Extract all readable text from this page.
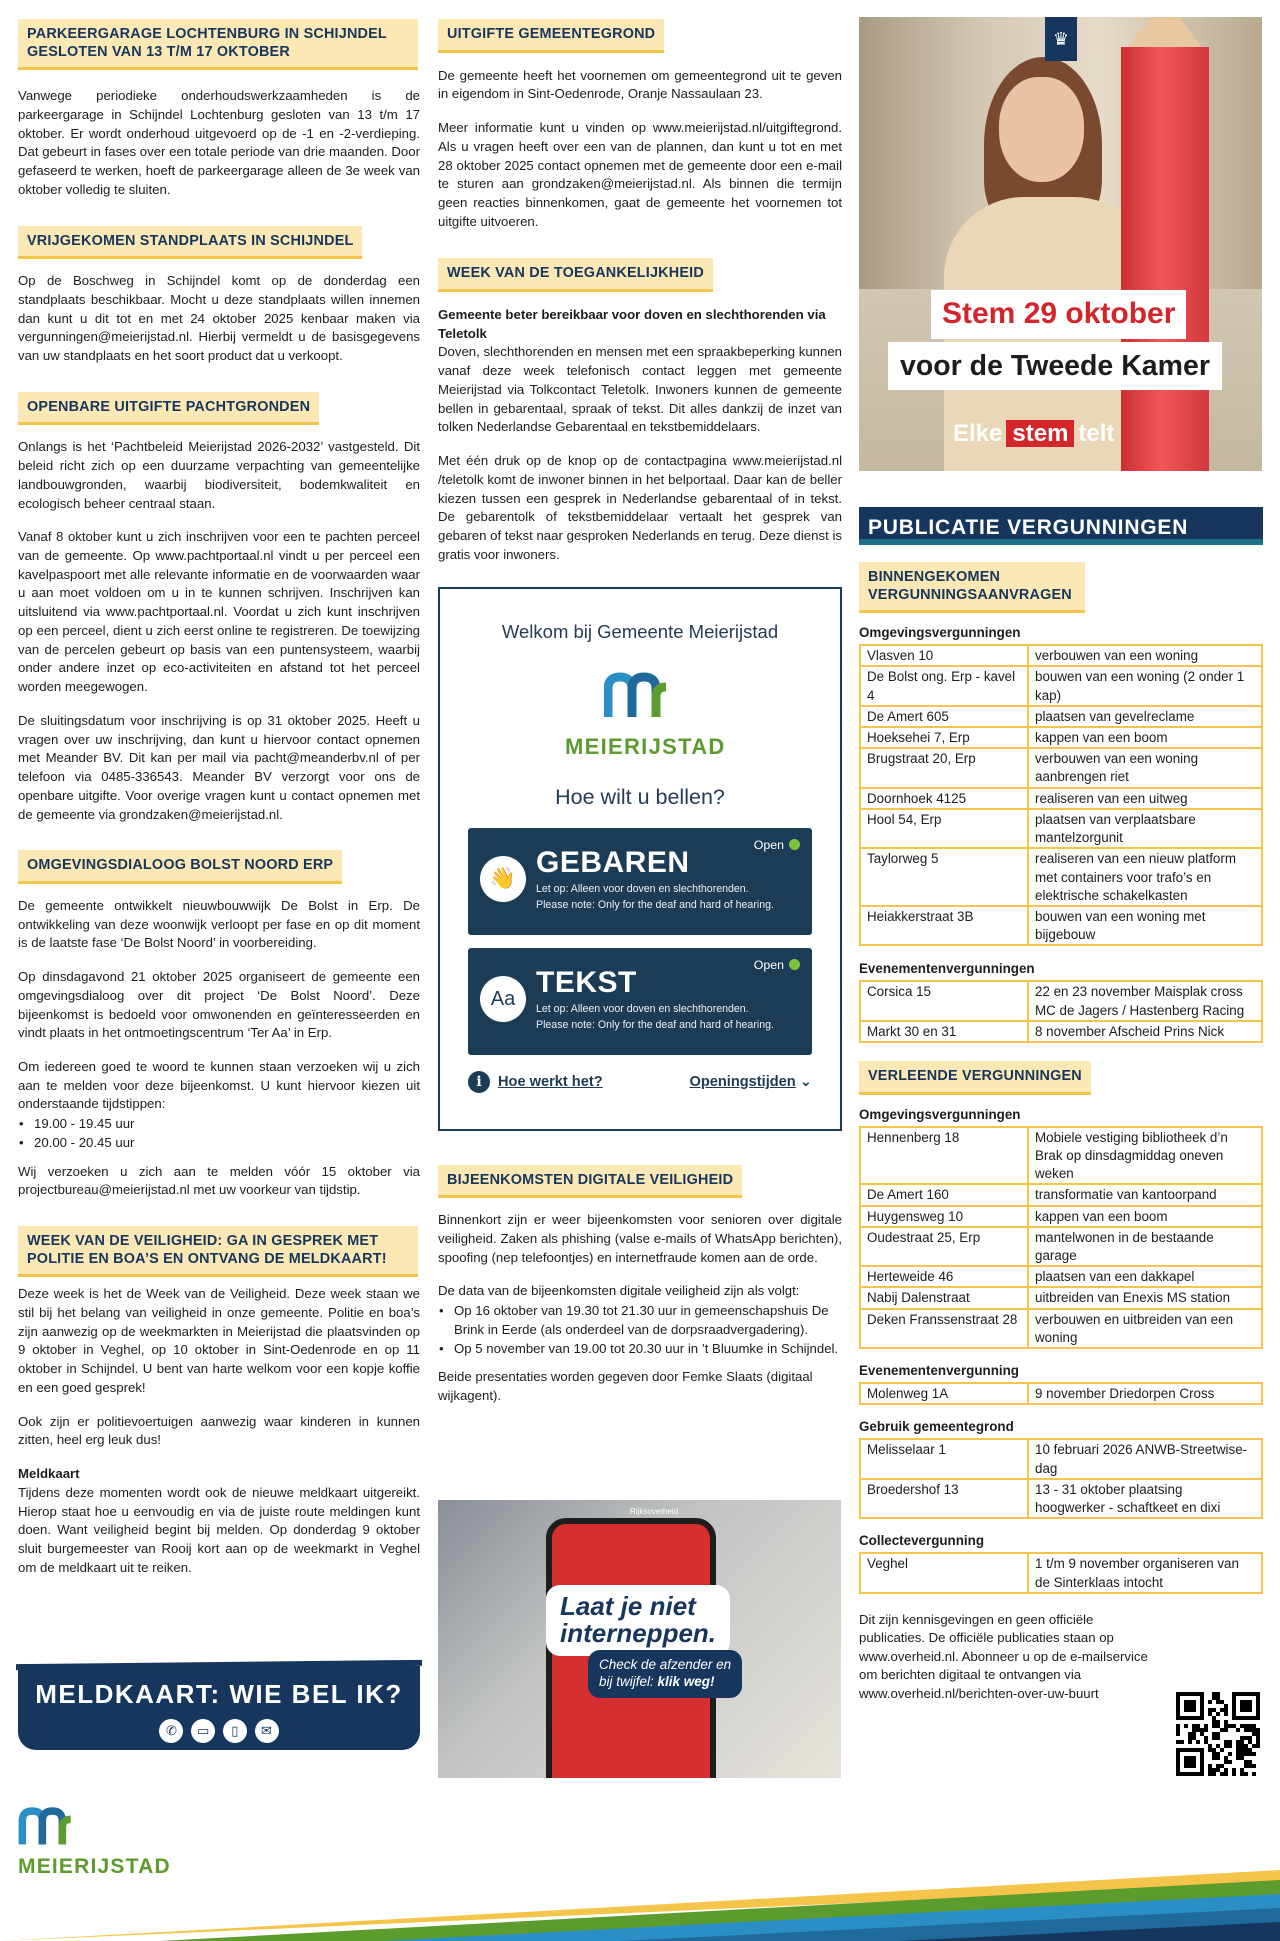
PARKEERGARAGE LOCHTENBURG IN SCHIJNDEL GESLOTEN VAN 13 T/M 17 OKTOBER

Vanwege periodieke onderhoudswerkzaamheden is de parkeergarage in Schijndel Lochtenburg gesloten van 13 t/m 17 oktober. Er wordt onderhoud uitgevoerd op de -1 en -2-verdieping. Dat gebeurt in fases over een totale periode van drie maanden. Door gefaseerd te werken, hoeft de parkeergarage alleen de 3e week van oktober volledig te sluiten.

VRIJGEKOMEN STANDPLAATS IN SCHIJNDEL

Op de Boschweg in Schijndel komt op de donderdag een standplaats beschikbaar. Mocht u deze standplaats willen innemen dan kunt u dit tot en met 24 oktober 2025 kenbaar maken via vergunningen@meierijstad.nl. Hierbij vermeldt u de basisgegevens van uw standplaats en het soort product dat u verkoopt.

OPENBARE UITGIFTE PACHTGRONDEN

Onlangs is het ‘Pachtbeleid Meierijstad 2026-2032’ vastgesteld. Dit beleid richt zich op een duurzame verpachting van gemeentelijke landbouwgronden, waarbij biodiversiteit, bodemkwaliteit en ecologisch beheer centraal staan.

Vanaf 8 oktober kunt u zich inschrijven voor een te pachten perceel van de gemeente. Op www.pachtportaal.nl vindt u per perceel een kavelpaspoort met alle relevante informatie en de voorwaarden waar u aan moet voldoen om u in te kunnen schrijven. Inschrijven kan uitsluitend via www.pachtportaal.nl. Voordat u zich kunt inschrijven op een perceel, dient u zich eerst online te registreren. De toewijzing van de percelen gebeurt op basis van een puntensysteem, waarbij onder andere inzet op eco-activiteiten en afstand tot het perceel worden meegewogen.

De sluitingsdatum voor inschrijving is op 31 oktober 2025. Heeft u vragen over uw inschrijving, dan kunt u hiervoor contact opnemen met Meander BV. Dit kan per mail via pacht@meanderbv.nl of per telefoon via 0485-336543. Meander BV verzorgt voor ons de openbare uitgifte. Voor overige vragen kunt u contact opnemen met de gemeente via grondzaken@meierijstad.nl.

OMGEVINGSDIALOOG BOLST NOORD ERP

De gemeente ontwikkelt nieuwbouwwijk De Bolst in Erp. De ontwikkeling van deze woonwijk verloopt per fase en op dit moment is de laatste fase ‘De Bolst Noord’ in voorbereiding.

Op dinsdagavond 21 oktober 2025 organiseert de gemeente een omgevingsdialoog over dit project ‘De Bolst Noord’. Deze bijeenkomst is bedoeld voor omwonenden en geïnteresseerden en vindt plaats in het ontmoetingscentrum ‘Ter Aa’ in Erp.

Om iedereen goed te woord te kunnen staan verzoeken wij u zich aan te melden voor deze bijeenkomst. U kunt hiervoor kiezen uit onderstaande tijdstippen:

• 19.00 - 19.45 uur
• 20.00 - 20.45 uur

Wij verzoeken u zich aan te melden vóór 15 oktober via projectbureau@meierijstad.nl met uw voorkeur van tijdstip.

WEEK VAN DE VEILIGHEID: GA IN GESPREK MET POLITIE EN BOA’S EN ONTVANG DE MELDKAART!

Deze week is het de Week van de Veiligheid. Deze week staan we stil bij het belang van veiligheid in onze gemeente. Politie en boa’s zijn aanwezig op de weekmarkten in Meierijstad die plaatsvinden op 9 oktober in Veghel, op 10 oktober in Sint-Oedenrode en op 11 oktober in Schijndel. U bent van harte welkom voor een kopje koffie en een goed gesprek!

Ook zijn er politievoertuigen aanwezig waar kinderen in kunnen zitten, heel erg leuk dus!

Meldkaart

Tijdens deze momenten wordt ook de nieuwe meldkaart uitgereikt. Hierop staat hoe u eenvoudig en via de juiste route meldingen kunt doen. Want veiligheid begint bij melden. Op donderdag 9 oktober sluit burgemeester van Rooij kort aan op de weekmarkt in Veghel om de meldkaart uit te reiken.

MELDKAART: WIE BEL IK?
✆ ▭ ▯ ✉
UITGIFTE GEMEENTEGROND

De gemeente heeft het voornemen om gemeentegrond uit te geven in eigendom in Sint-Oedenrode, Oranje Nassaulaan 23.

Meer informatie kunt u vinden op www.meierijstad.nl/uitgiftegrond. Als u vragen heeft over een van de plannen, dan kunt u tot en met 28 oktober 2025 contact opnemen met de gemeente door een e-mail te sturen aan grondzaken@meierijstad.nl. Als binnen die termijn geen reacties binnenkomen, gaat de gemeente het voornemen tot uitgifte uitvoeren.

WEEK VAN DE TOEGANKELIJKHEID

Gemeente beter bereikbaar voor doven en slechthorenden via Teletolk

Doven, slechthorenden en mensen met een spraakbeperking kunnen vanaf deze week telefonisch contact leggen met gemeente Meierijstad via Tolkcontact Teletolk. Inwoners kunnen de gemeente bellen in gebarentaal, spraak of tekst. Dit alles dankzij de inzet van tolken Nederlandse Gebarentaal en tekstbemiddelaars.

Met één druk op de knop op de contactpagina www.meierijstad.nl /teletolk komt de inwoner binnen in het belportaal. Daar kan de beller kiezen tussen een gesprek in Nederlandse gebarentaal of in tekst. De gebarentolk of tekstbemiddelaar vertaalt het gesprek van gebaren of tekst naar gesproken Nederlands en terug. Deze dienst is gratis voor inwoners.

Welkom bij Gemeente Meierijstad
MEIERIJSTAD
Hoe wilt u bellen?
👋
Open
GEBAREN
Let op: Alleen voor doven en slechthorenden.
Please note: Only for the deaf and hard of hearing.
Aa
Open
TEKST
Let op: Alleen voor doven en slechthorenden.
Please note: Only for the deaf and hard of hearing.
i Hoe werkt het?	Openingstijden ⌄
BIJEENKOMSTEN DIGITALE VEILIGHEID

Binnenkort zijn er weer bijeenkomsten voor senioren over digitale veiligheid. Zaken als phishing (valse e-mails of WhatsApp berichten), spoofing (nep telefoontjes) en internetfraude komen aan de orde.

De data van de bijeenkomsten digitale veiligheid zijn als volgt:

• Op 16 oktober van 19.30 tot 21.30 uur in gemeenschapshuis De Brink in Eerde (als onderdeel van de dorpsraadvergadering).
• Op 5 november van 19.00 tot 20.30 uur in ’t Bluumke in Schijndel.

Beide presentaties worden gegeven door Femke Slaats (digitaal wijkagent).

Rijksoverheid
Laat je niet
interneppen.
Check de afzender en
bij twijfel: klik weg!
♛
Stem 29 oktober
voor de Tweede Kamer
Elke stem telt
PUBLICATIE VERGUNNINGEN
BINNENGEKOMEN VERGUNNINGSAANVRAGEN
Omgevingsvergunningen
Vlasven 10	verbouwen van een woning
De Bolst ong. Erp - kavel 4	bouwen van een woning (2 onder 1 kap)
De Amert 605	plaatsen van gevelreclame
Hoeksehei 7, Erp	kappen van een boom
Brugstraat 20, Erp	verbouwen van een woning aanbrengen riet
Doornhoek 4125	realiseren van een uitweg
Hool 54, Erp	plaatsen van verplaatsbare mantelzorgunit
Taylorweg 5	realiseren van een nieuw platform met containers voor trafo’s en elektrische schakelkasten
Heiakkerstraat 3B	bouwen van een woning met bijgebouw
Evenementenvergunningen
Corsica 15	22 en 23 november Maisplak cross MC de Jagers / Hastenberg Racing
Markt 30 en 31	8 november Afscheid Prins Nick
VERLEENDE VERGUNNINGEN
Omgevingsvergunningen
Hennenberg 18	Mobiele vestiging bibliotheek d’n Brak op dinsdagmiddag oneven weken
De Amert 160	transformatie van kantoorpand
Huygensweg 10	kappen van een boom
Oudestraat 25, Erp	mantelwonen in de bestaande garage
Herteweide 46	plaatsen van een dakkapel
Nabij Dalenstraat	uitbreiden van Enexis MS station
Deken Franssenstraat 28	verbouwen en uitbreiden van een woning
Evenementenvergunning
Molenweg 1A	9 november Driedorpen Cross
Gebruik gemeentegrond
Melisselaar 1	10 februari 2026 ANWB-Streetwise-dag
Broedershof 13	13 - 31 oktober plaatsing hoogwerker - schaftkeet en dixi
Collectevergunning
Veghel	1 t/m 9 november organiseren van de Sinterklaas intocht
Dit zijn kennisgevingen en geen officiële publicaties. De officiële publicaties staan op www.overheid.nl. Abonneer u op de e-mailservice om berichten digitaal te ontvangen via www.overheid.nl/berichten-over-uw-buurt
MEIERIJSTAD
